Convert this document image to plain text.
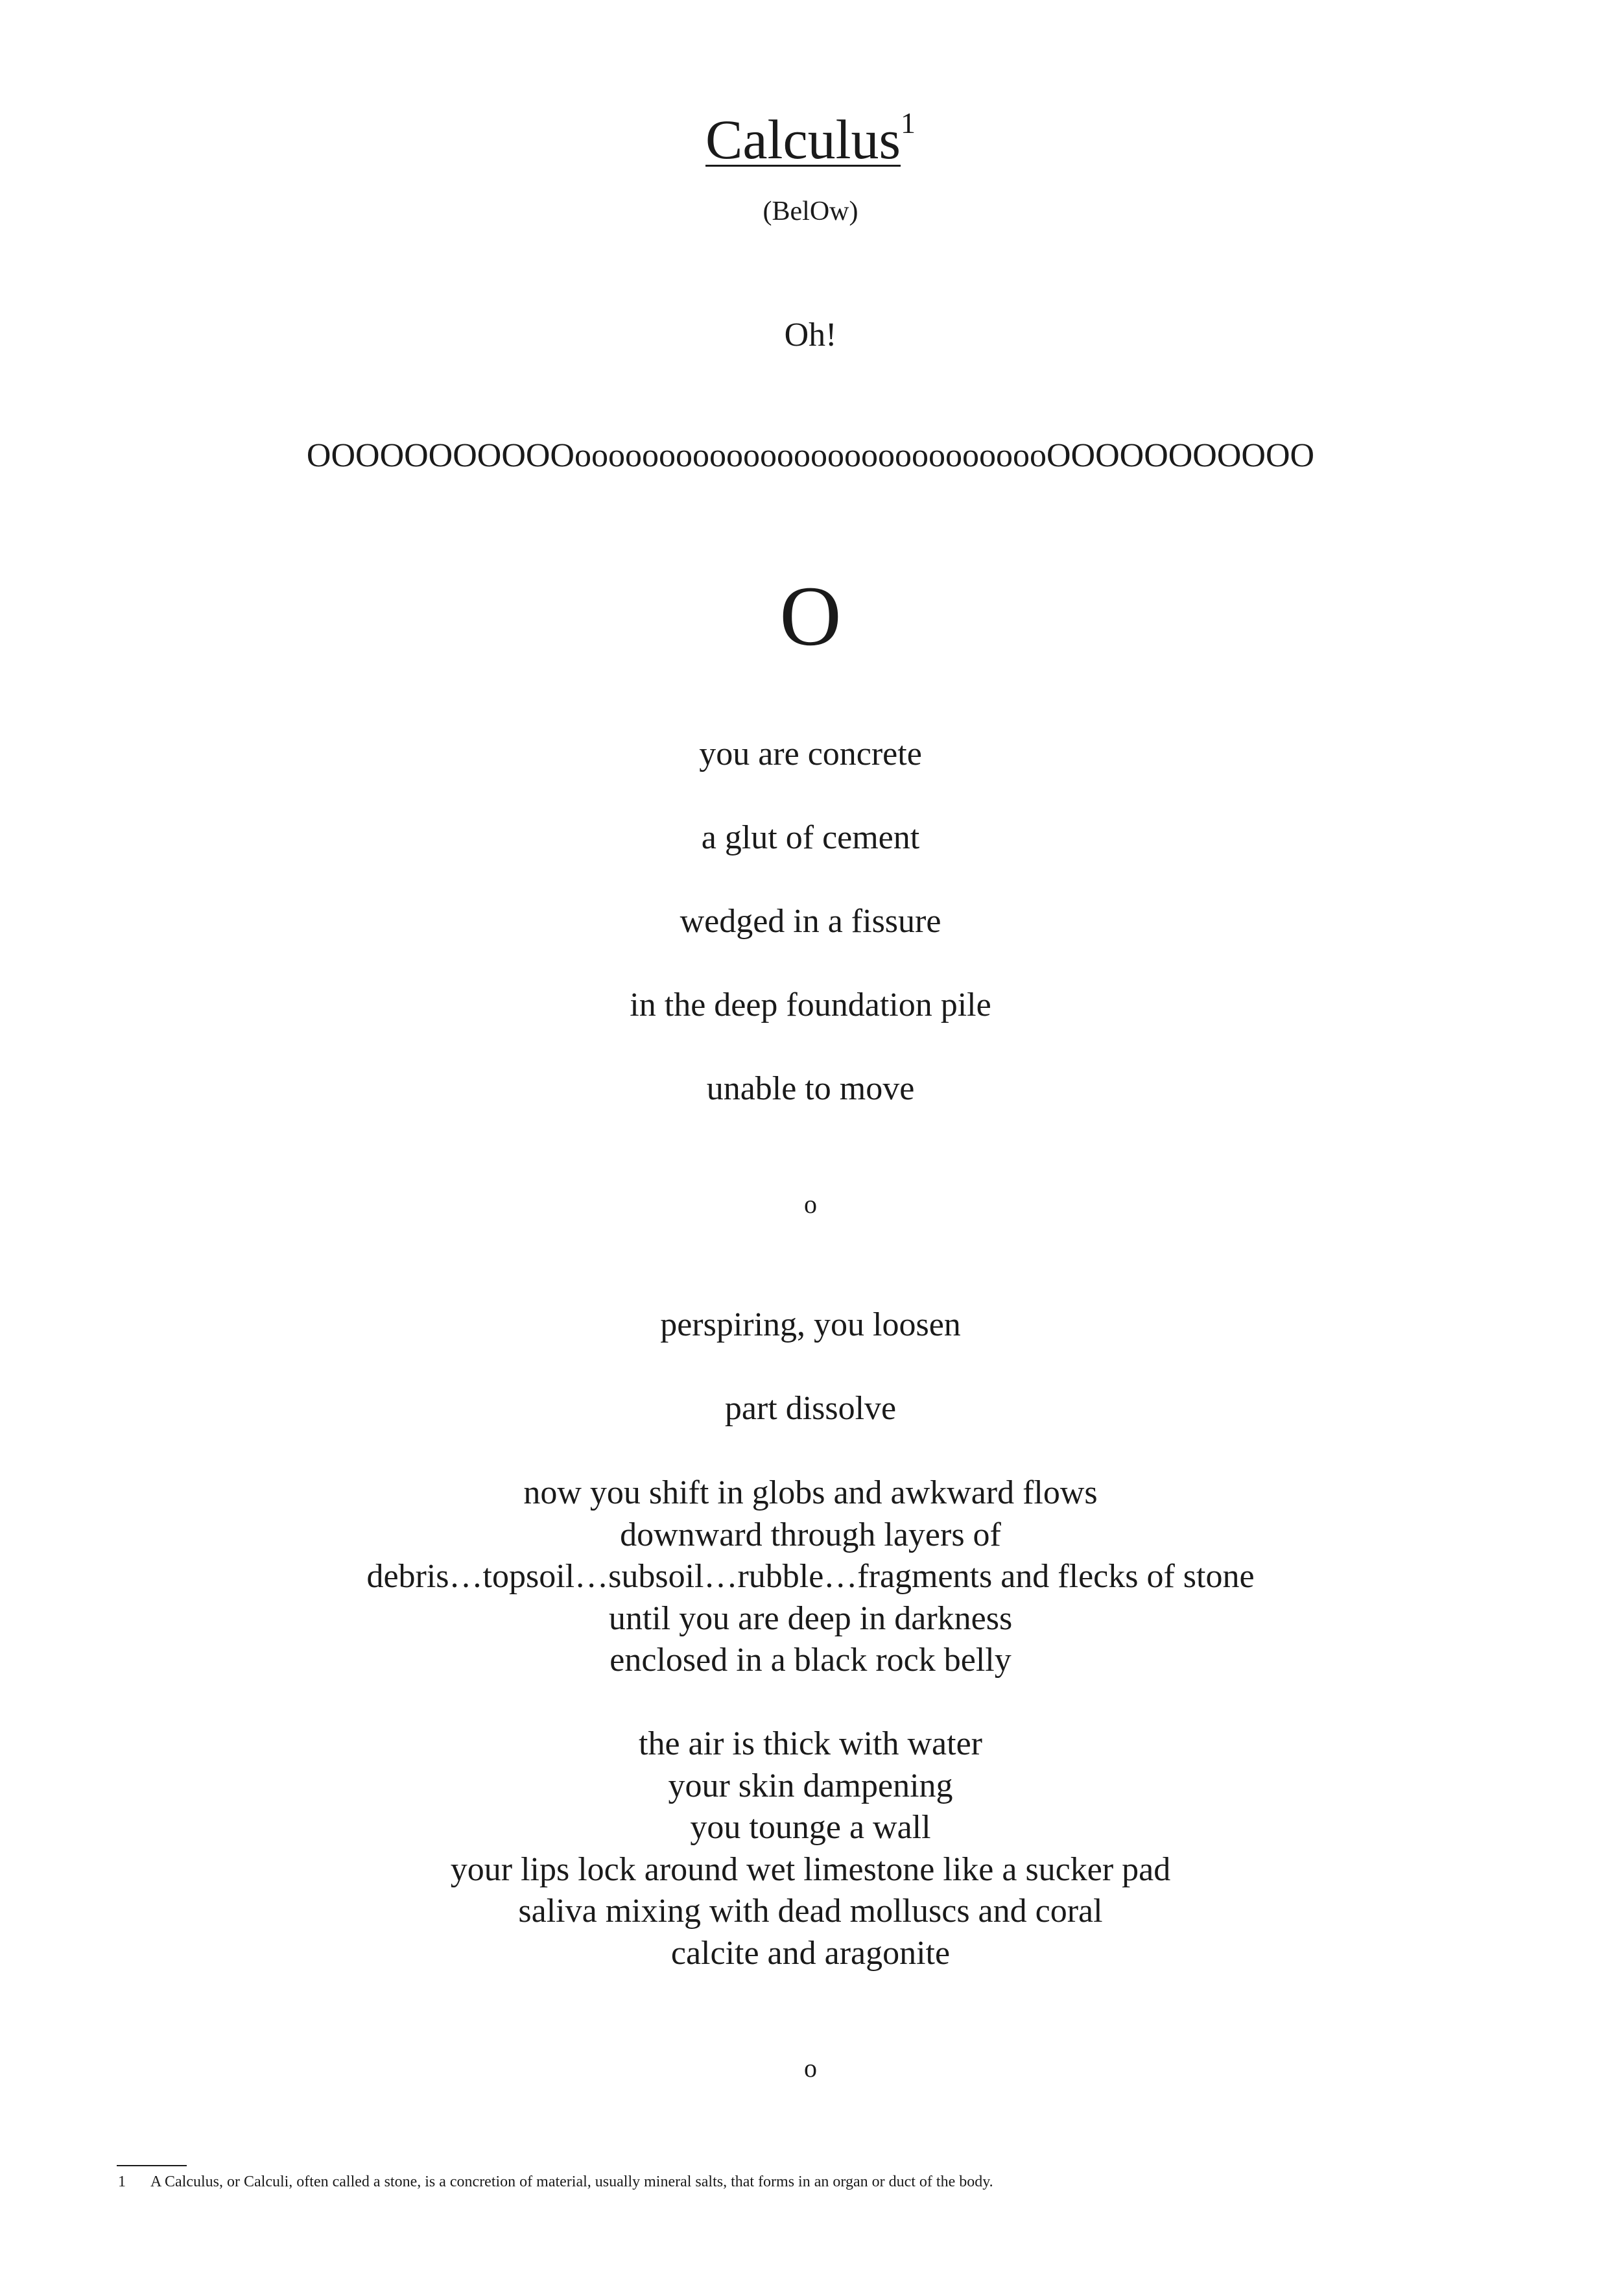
Calculus$^1$
(BelOw)
Oh!
OOOOOOOOOOOooooooooooooooooooooooooooooOOOOOOOOOOO
O
you are concrete
a glut of cement
wedged in a fissure
in the deep foundation pile
unable to move
o
perspiring, you loosen
part dissolve
now you shift in globs and awkward flows
downward through layers of
debris…topsoil…subsoil…rubble…fragments and flecks of stone
until you are deep in darkness
enclosed in a black rock belly
the air is thick with water
your skin dampening
you tounge a wall
your lips lock around wet limestone like a sucker pad
saliva mixing with dead molluscs and coral
calcite and aragonite
o
1 A Calculus, or Calculi, often called a stone, is a concretion of material, usually mineral salts, that forms in an organ or duct of the body.
